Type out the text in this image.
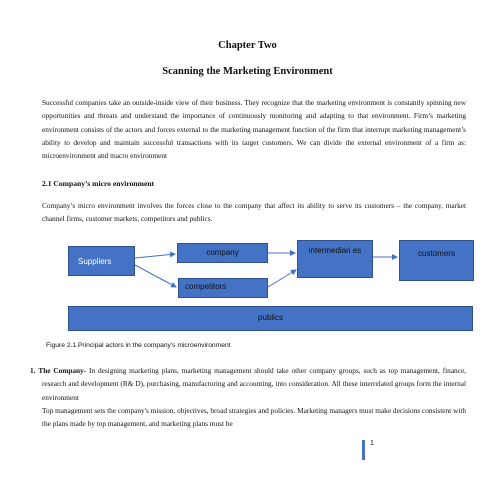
Chapter Two
Scanning the Marketing Environment
Successful companies take an outside-inside view of their business. They recognize that the marketing environment is constantly spinning new opportunities and threats and understand the importance of continuously monitoring and adapting to that environment. Firm’s marketing environment consists of the actors and forces external to the marketing management function of the firm that interrupt marketing management’s ability to develop and maintain successful transactions with its target customers. We can divide the external environment of a firm as: microenvironment and macro environment
2.1 Company’s micro environment
Company’s micro environment involves the forces close to the company that affect its ability to serve its customers – the company, market channel firms, customer markets, competitors and publics.
Suppliers
company	intermediari es	customers
competitors
publics
Figure 2.1.Principal actors in the company's microenvironment
1. The Company- In designing marketing plans, marketing management should take other company groups, such as top management, finance, research and development (R& D), purchasing, manufacturing and accounting, into consideration. All these interrelated groups form the internal environment
Top management sets the company's mission, objectives, broad strategies and policies. Marketing managers must make decisions consistent with the plans made by top management, and marketing plans must be
1
